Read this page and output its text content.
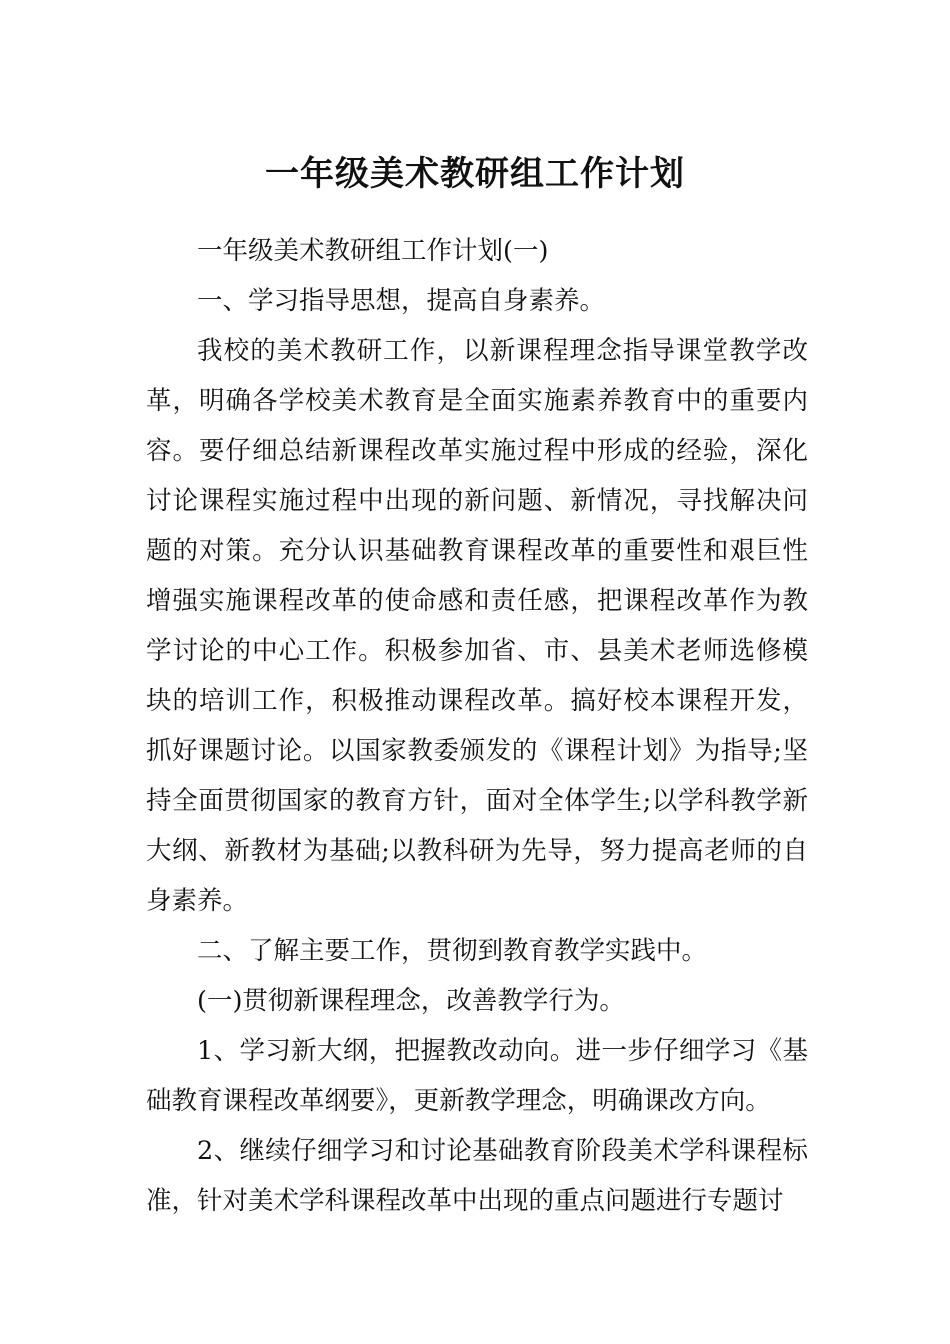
一年级美术教研组工作计划

一年级美术教研组工作计划(一)

一、学习指导思想，提高自身素养。

我校的美术教研工作，以新课程理念指导课堂教学改革，明确各学校美术教育是全面实施素养教育中的重要内容。要仔细总结新课程改革实施过程中形成的经验，深化讨论课程实施过程中出现的新问题、新情况，寻找解决问题的对策。充分认识基础教育课程改革的重要性和艰巨性增强实施课程改革的使命感和责任感，把课程改革作为教学讨论的中心工作。积极参加省、市、县美术老师选修模块的培训工作，积极推动课程改革。搞好校本课程开发，抓好课题讨论。以国家教委颁发的《课程计划》为指导;坚持全面贯彻国家的教育方针，面对全体学生;以学科教学新大纲、新教材为基础;以教科研为先导，努力提高老师的自身素养。

二、了解主要工作，贯彻到教育教学实践中。

(一)贯彻新课程理念，改善教学行为。

1、学习新大纲，把握教改动向。进一步仔细学习《基础教育课程改革纲要》，更新教学理念，明确课改方向。

2、继续仔细学习和讨论基础教育阶段美术学科课程标准，针对美术学科课程改革中出现的重点问题进行专题讨
